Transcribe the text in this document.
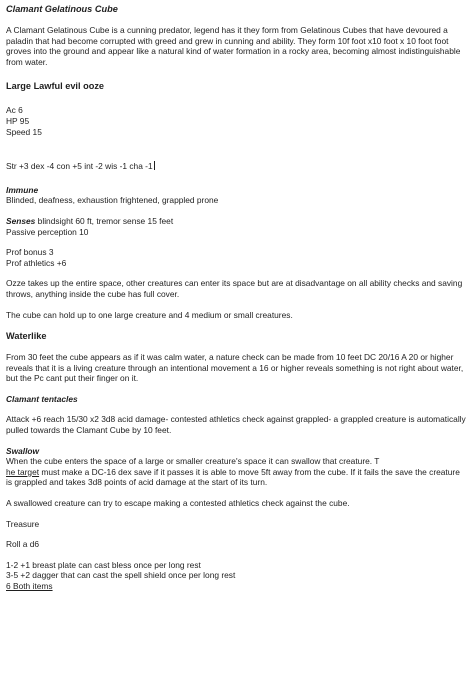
Clamant Gelatinous Cube

A Clamant Gelatinous Cube is a cunning predator, legend has it they form from Gelatinous Cubes that have devoured a paladin that had become corrupted with greed and grew in cunning and ability. They form 10f foot x10 foot x 10 foot foot groves into the ground and appear like a natural kind of water formation in a rocky area, becoming almost indistinguishable from water.

Large Lawful evil ooze

Ac 6

HP 95

Speed 15

Str +3 dex -4 con +5 int -2 wis -1 cha -1

Immune

Blinded, deafness, exhaustion frightened, grappled prone

Senses blindsight 60 ft, tremor sense 15 feet

Passive perception 10

Prof bonus 3

Prof athletics +6

Ozze takes up the entire space, other creatures can enter its space but are at disadvantage on all ability checks and saving throws, anything inside the cube has full cover.

The cube can hold up to one large creature and 4 medium or small creatures.

Waterlike

From 30 feet the cube appears as if it was calm water, a nature check can be made from 10 feet DC 20/16 A 20 or higher reveals that it is a living creature through an intentional movement a 16 or higher reveals something is not right about water, but the Pc cant put their finger on it.

Clamant tentacles

Attack +6 reach 15/30 x2 3d8 acid damage- contested athletics check against grappled- a grappled creature is automatically pulled towards the Clamant Cube by 10 feet.

Swallow

When the cube enters the space of a large or smaller creature's space it can swallow that creature. T
he target must make a DC-16 dex save if it passes it is able to move 5ft away from the cube. If it fails the save the creature is grappled and takes 3d8 points of acid damage at the start of its turn.

A swallowed creature can try to escape making a contested athletics check against the cube.

Treasure

Roll a d6

1-2 +1 breast plate can cast bless once per long rest

3-5 +2 dagger that can cast the spell shield once per long rest

6 Both items
